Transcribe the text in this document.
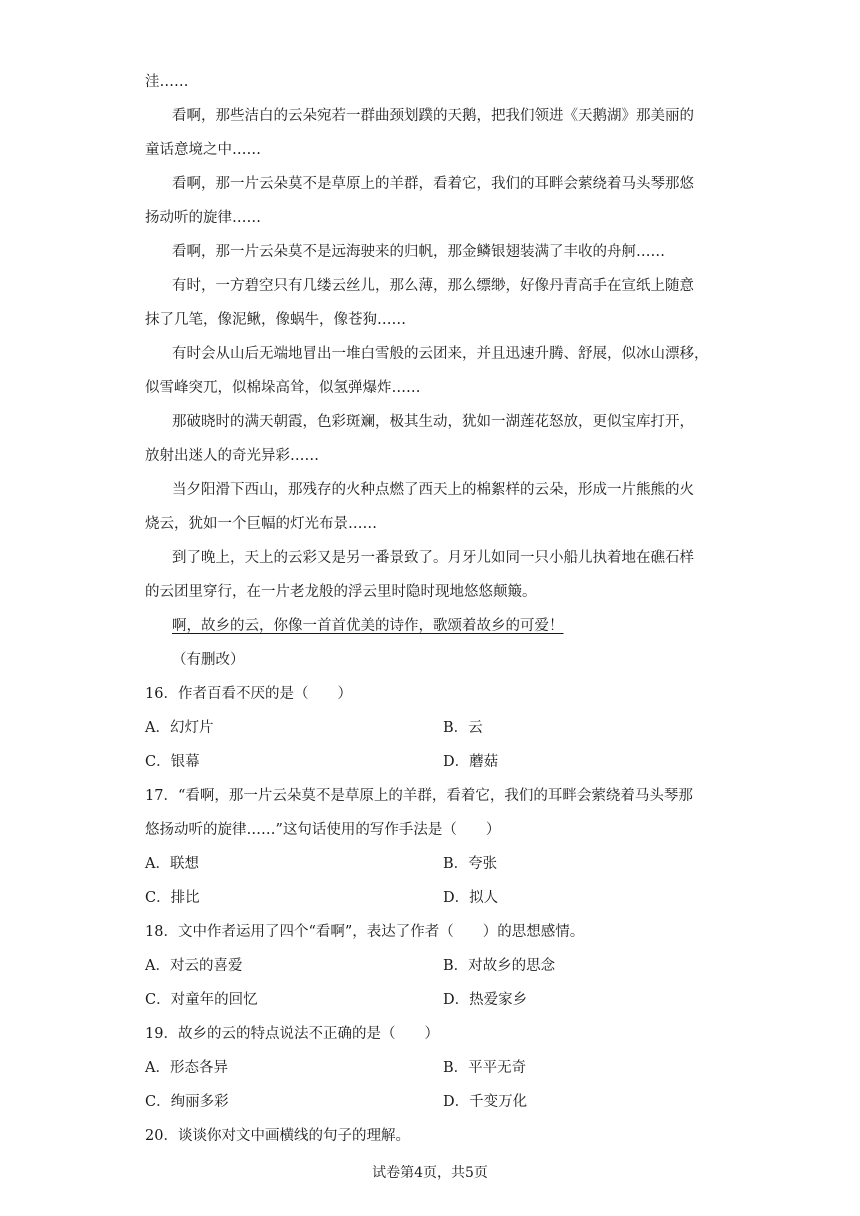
洼……
看啊，那些洁白的云朵宛若一群曲颈划蹼的天鹅，把我们领进《天鹅湖》那美丽的
童话意境之中……
看啊，那一片云朵莫不是草原上的羊群，看着它，我们的耳畔会萦绕着马头琴那悠
扬动听的旋律……
看啊，那一片云朵莫不是远海驶来的归帆，那金鳞银翅装满了丰收的舟舸……
有时，一方碧空只有几缕云丝儿，那么薄，那么缥缈，好像丹青高手在宣纸上随意
抹了几笔，像泥鳅，像蜗牛，像苍狗……
有时会从山后无端地冒出一堆白雪般的云团来，并且迅速升腾、舒展，似冰山漂移，
似雪峰突兀，似棉垛高耸，似氢弹爆炸……
那破晓时的满天朝霞，色彩斑斓，极其生动，犹如一湖莲花怒放，更似宝库打开，
放射出迷人的奇光异彩……
当夕阳滑下西山，那残存的火种点燃了西天上的棉絮样的云朵，形成一片熊熊的火
烧云，犹如一个巨幅的灯光布景……
到了晚上，天上的云彩又是另一番景致了。月牙儿如同一只小船儿执着地在礁石样
的云团里穿行，在一片老龙般的浮云里时隐时现地悠悠颠簸。
啊，故乡的云，你像一首首优美的诗作，歌颂着故乡的可爱！
（有删改）
16．作者百看不厌的是（　　）
A．幻灯片	B．云
C．银幕	D．蘑菇
17．“看啊，那一片云朵莫不是草原上的羊群，看着它，我们的耳畔会萦绕着马头琴那
悠扬动听的旋律……”这句话使用的写作手法是（　　）
A．联想	B．夸张
C．排比	D．拟人
18．文中作者运用了四个“看啊”，表达了作者（　　）的思想感情。
A．对云的喜爱	B．对故乡的思念
C．对童年的回忆	D．热爱家乡
19．故乡的云的特点说法不正确的是（　　）
A．形态各异	B．平平无奇
C．绚丽多彩	D．千变万化
20．谈谈你对文中画横线的句子的理解。
试卷第4页，共5页
